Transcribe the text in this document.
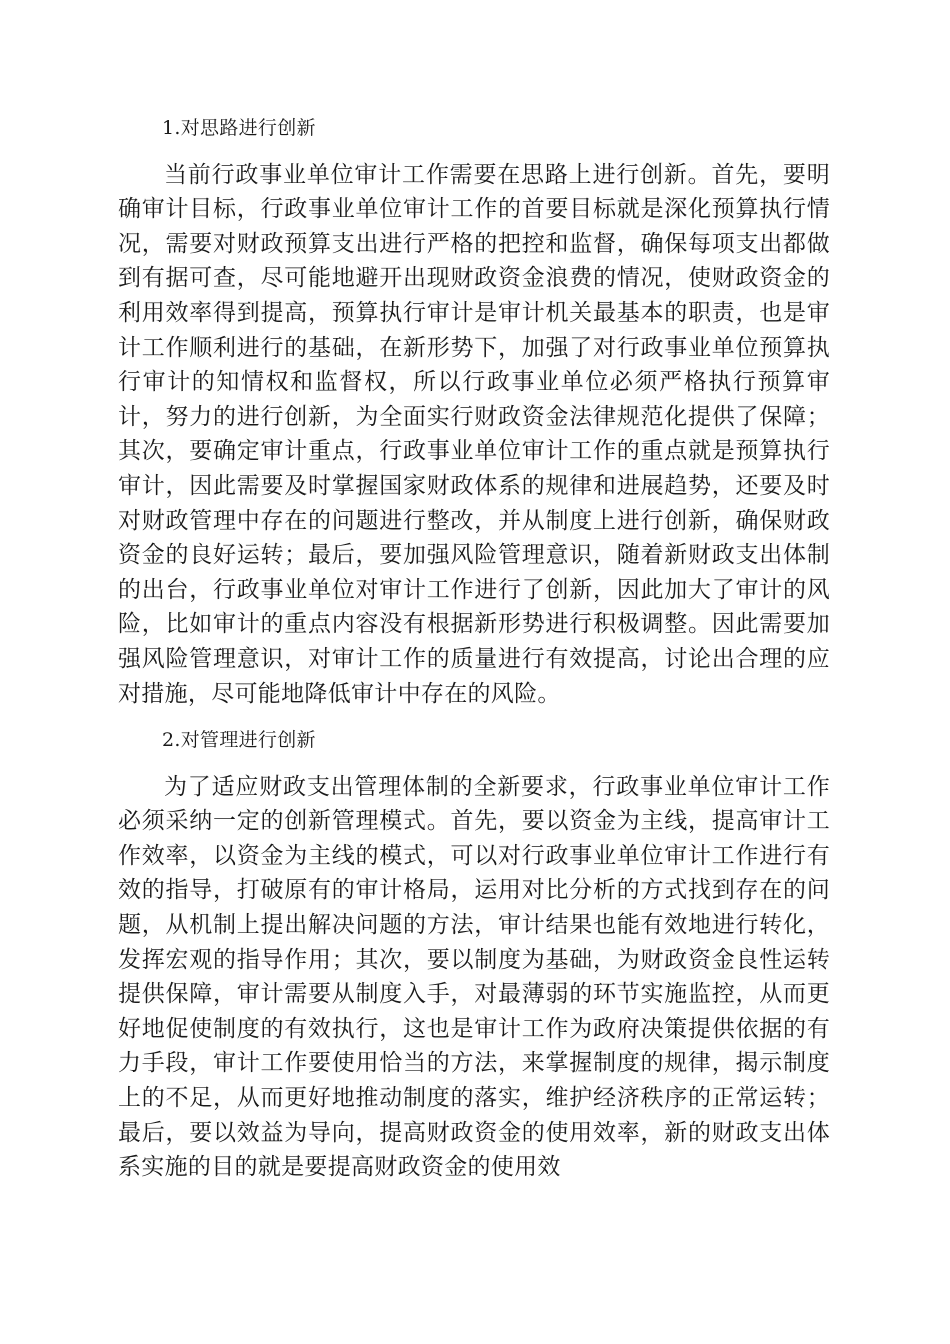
1.对思路进行创新

当前行政事业单位审计工作需要在思路上进行创新。首先，要明确审计目标，行政事业单位审计工作的首要目标就是深化预算执行情况，需要对财政预算支出进行严格的把控和监督，确保每项支出都做到有据可查，尽可能地避开出现财政资金浪费的情况，使财政资金的利用效率得到提高，预算执行审计是审计机关最基本的职责，也是审计工作顺利进行的基础，在新形势下，加强了对行政事业单位预算执行审计的知情权和监督权，所以行政事业单位必须严格执行预算审计，努力的进行创新，为全面实行财政资金法律规范化提供了保障；其次，要确定审计重点，行政事业单位审计工作的重点就是预算执行审计，因此需要及时掌握国家财政体系的规律和进展趋势，还要及时对财政管理中存在的问题进行整改，并从制度上进行创新，确保财政资金的良好运转；最后，要加强风险管理意识，随着新财政支出体制的出台，行政事业单位对审计工作进行了创新，因此加大了审计的风险，比如审计的重点内容没有根据新形势进行积极调整。因此需要加强风险管理意识，对审计工作的质量进行有效提高，讨论出合理的应对措施，尽可能地降低审计中存在的风险。

2.对管理进行创新

为了适应财政支出管理体制的全新要求，行政事业单位审计工作必须采纳一定的创新管理模式。首先，要以资金为主线，提高审计工作效率，以资金为主线的模式，可以对行政事业单位审计工作进行有效的指导，打破原有的审计格局，运用对比分析的方式找到存在的问题，从机制上提出解决问题的方法，审计结果也能有效地进行转化，发挥宏观的指导作用；其次，要以制度为基础，为财政资金良性运转提供保障，审计需要从制度入手，对最薄弱的环节实施监控，从而更好地促使制度的有效执行，这也是审计工作为政府决策提供依据的有力手段，审计工作要使用恰当的方法，来掌握制度的规律，揭示制度上的不足，从而更好地推动制度的落实，维护经济秩序的正常运转；最后，要以效益为导向，提高财政资金的使用效率，新的财政支出体系实施的目的就是要提高财政资金的使用效
